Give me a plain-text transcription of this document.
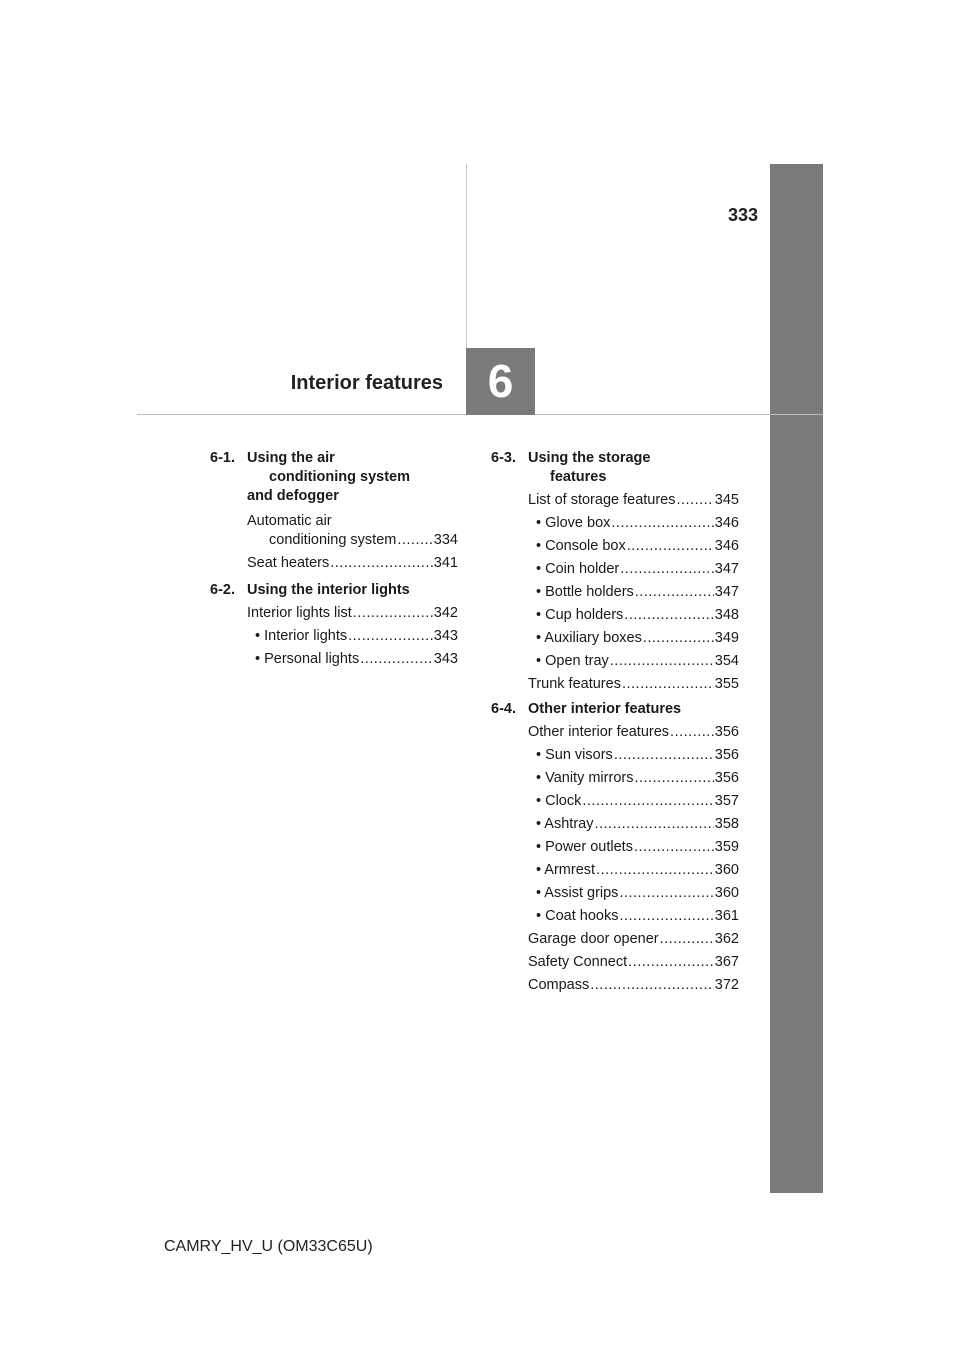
333
Interior features 6
6-1. Using the air
conditioning system
and defogger
Automatic air
conditioning system .....	334
Seat heaters .....	341
6-2. Using the interior lights
Interior lights list .....	342
• Interior lights .....	343
• Personal lights .....	343
6-3. Using the storage
features
List of storage features .....	345
• Glove box .....	346
• Console box .....	346
• Coin holder .....	347
• Bottle holders .....	347
• Cup holders .....	348
• Auxiliary boxes .....	349
• Open tray .....	354
Trunk features .....	355
6-4. Other interior features
Other interior features .....	356
• Sun visors .....	356
• Vanity mirrors .....	356
• Clock .....	357
• Ashtray .....	358
• Power outlets .....	359
• Armrest .....	360
• Assist grips .....	360
• Coat hooks .....	361
Garage door opener .....	362
Safety Connect .....	367
Compass .....	372
CAMRY_HV_U (OM33C65U)
